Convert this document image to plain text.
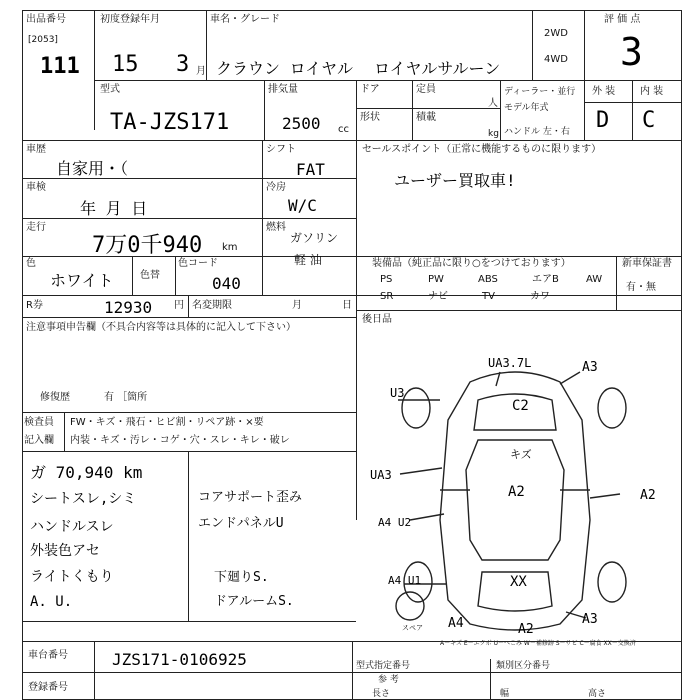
出品番号
[2053]
111
初度登録年月
15 3 月
車名・グレード
クラウン ロイヤル ロイヤルサルーン
2WD
4WD
評 価 点
3
型式
TA-JZS171
排気量
2500 cc
ドア	定員
人
形状	積載
kg
ディーラー・並行
モデル年式
ハンドル 左・右
外 装 内 装
D C
車歴
自家用・（
シフト
FAT
セールスポイント（正常に機能するものに限ります）
ユーザー買取車!
車検
年 月 日
冷房
W/C
走行
7万0千940 km
燃料
ガソリン
軽 油
色
ホワイト	色替
色コード
040
装備品（純正品に限り○をつけております）	新車保証書
有・無
PS	PW	ABS	エアB	AW
SR	ナビ	TV	カワ
R券	12930 円 名変期限	月	日
後日品
注意事項申告欄（不具合内容等は具体的に記入して下さい）
修復歴	有 ［箇所
検査員
記入欄
FW・キズ・飛石・ヒビ割・リペア跡・×要
内装・キズ・汚レ・コゲ・穴・スレ・キレ・破レ
ガ 70,940 km
シートスレ,シミ
ハンドルスレ
外装色アセ
ライトくもり
A. U.
コアサポート歪み
エンドパネルU
下廻りS.
ドアルームS.
UA3.7L	A3
U3
C2
キズ
UA3
A2	A2
A4 U2
A4 U1	XX
A4	A2
A3
スペア
A－キズ E－エクボ U－へこみ W－補修跡 S－サビ C－腐食 XX－交換済
車台番号	JZS171-0106925
登録番号
型式指定番号
参 考
類別区分番号
長さ	幅	高さ
